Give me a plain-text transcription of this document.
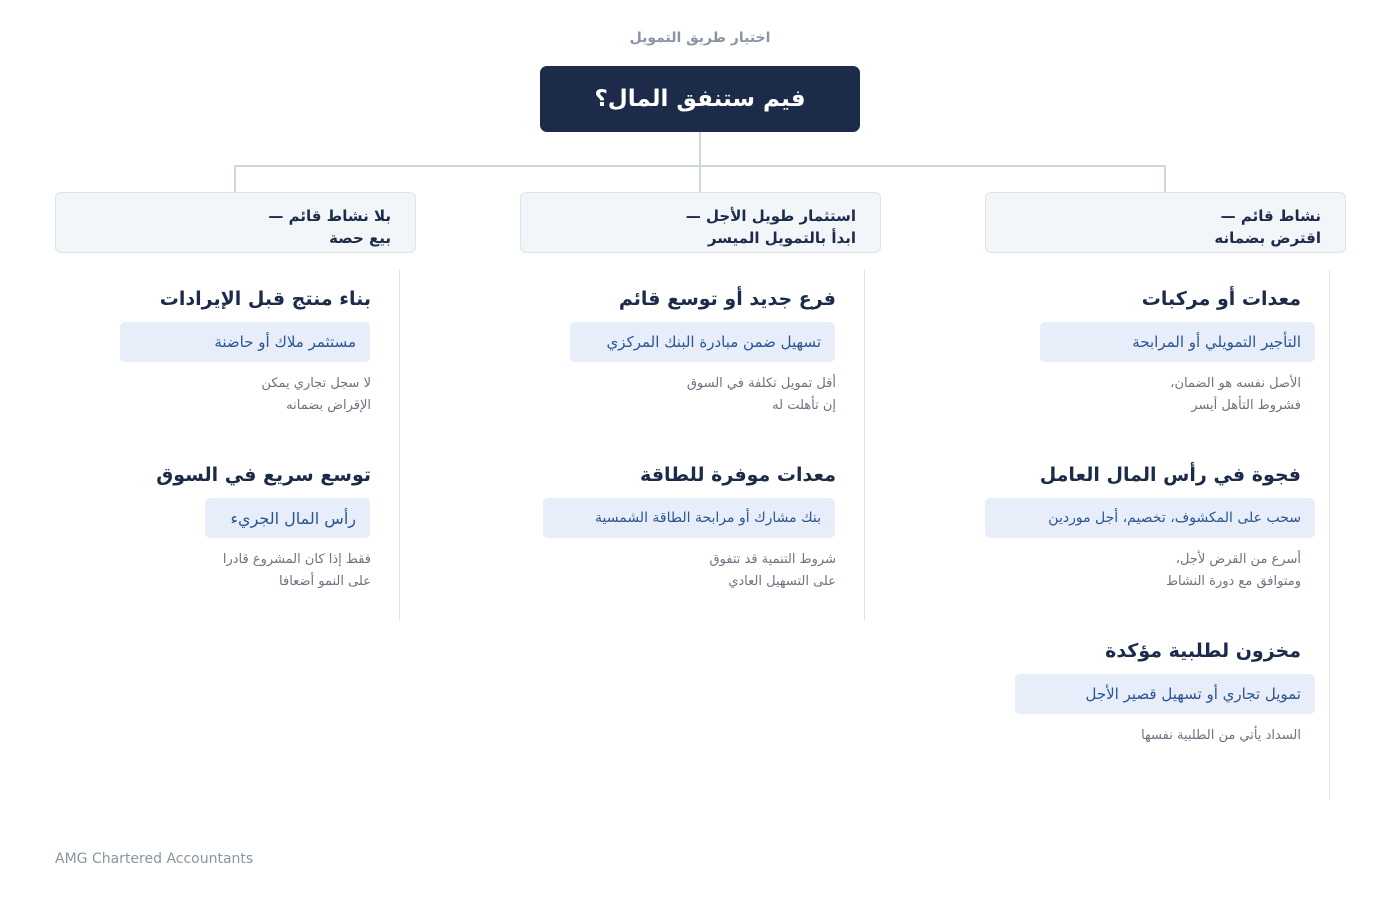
اختيار طريق التمويل
فيم ستنفق المال؟
نشاط قائم —
اقترض بضمانه
استثمار طويل الأجل —
ابدأ بالتمويل الميسر
بلا نشاط قائم —
بيع حصة
معدات أو مركبات
التأجير التمويلي أو المرابحة
الأصل نفسه هو الضمان،
فشروط التأهل أيسر
فجوة في رأس المال العامل
سحب على المكشوف، تخصيم، أجل موردين
أسرع من القرض لأجل،
ومتوافق مع دورة النشاط
مخزون لطلبية مؤكدة
تمويل تجاري أو تسهيل قصير الأجل
السداد يأتي من الطلبية نفسها
فرع جديد أو توسع قائم
تسهيل ضمن مبادرة البنك المركزي
أقل تمويل تكلفة في السوق
إن تأهلت له
معدات موفرة للطاقة
بنك مشارك أو مرابحة الطاقة الشمسية
شروط التنمية قد تتفوق
على التسهيل العادي
بناء منتج قبل الإيرادات
مستثمر ملاك أو حاضنة
لا سجل تجاري يمكن
الإقراض بضمانه
توسع سريع في السوق
رأس المال الجريء
فقط إذا كان المشروع قادرا
على النمو أضعافا
AMG Chartered Accountants
